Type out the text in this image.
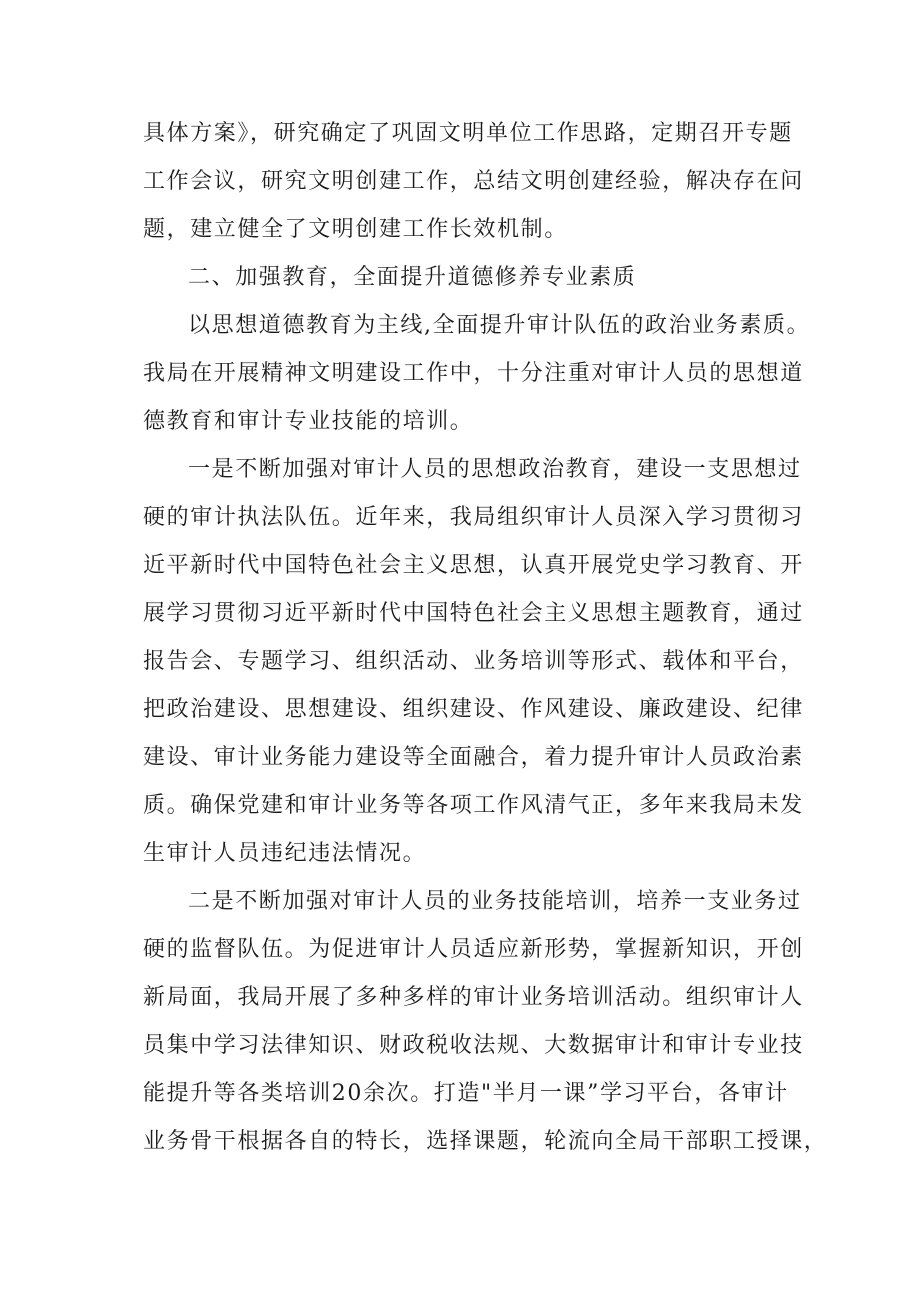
具体方案》，研究确定了巩固文明单位工作思路，定期召开专题
工作会议，研究文明创建工作，总结文明创建经验，解决存在问
题，建立健全了文明创建工作长效机制。
二、加强教育，全面提升道德修养专业素质
以思想道德教育为主线,全面提升审计队伍的政治业务素质。
我局在开展精神文明建设工作中，十分注重对审计人员的思想道
德教育和审计专业技能的培训。
一是不断加强对审计人员的思想政治教育，建设一支思想过
硬的审计执法队伍。近年来，我局组织审计人员深入学习贯彻习
近平新时代中国特色社会主义思想，认真开展党史学习教育、开
展学习贯彻习近平新时代中国特色社会主义思想主题教育，通过
报告会、专题学习、组织活动、业务培训等形式、载体和平台，
把政治建设、思想建设、组织建设、作风建设、廉政建设、纪律
建设、审计业务能力建设等全面融合，着力提升审计人员政治素
质。确保党建和审计业务等各项工作风清气正，多年来我局未发
生审计人员违纪违法情况。
二是不断加强对审计人员的业务技能培训，培养一支业务过
硬的监督队伍。为促进审计人员适应新形势，掌握新知识，开创
新局面，我局开展了多种多样的审计业务培训活动。组织审计人
员集中学习法律知识、财政税收法规、大数据审计和审计专业技
能提升等各类培训20余次。打造"半月一课”学习平台，各审计
业务骨干根据各自的特长，选择课题，轮流向全局干部职工授课，
